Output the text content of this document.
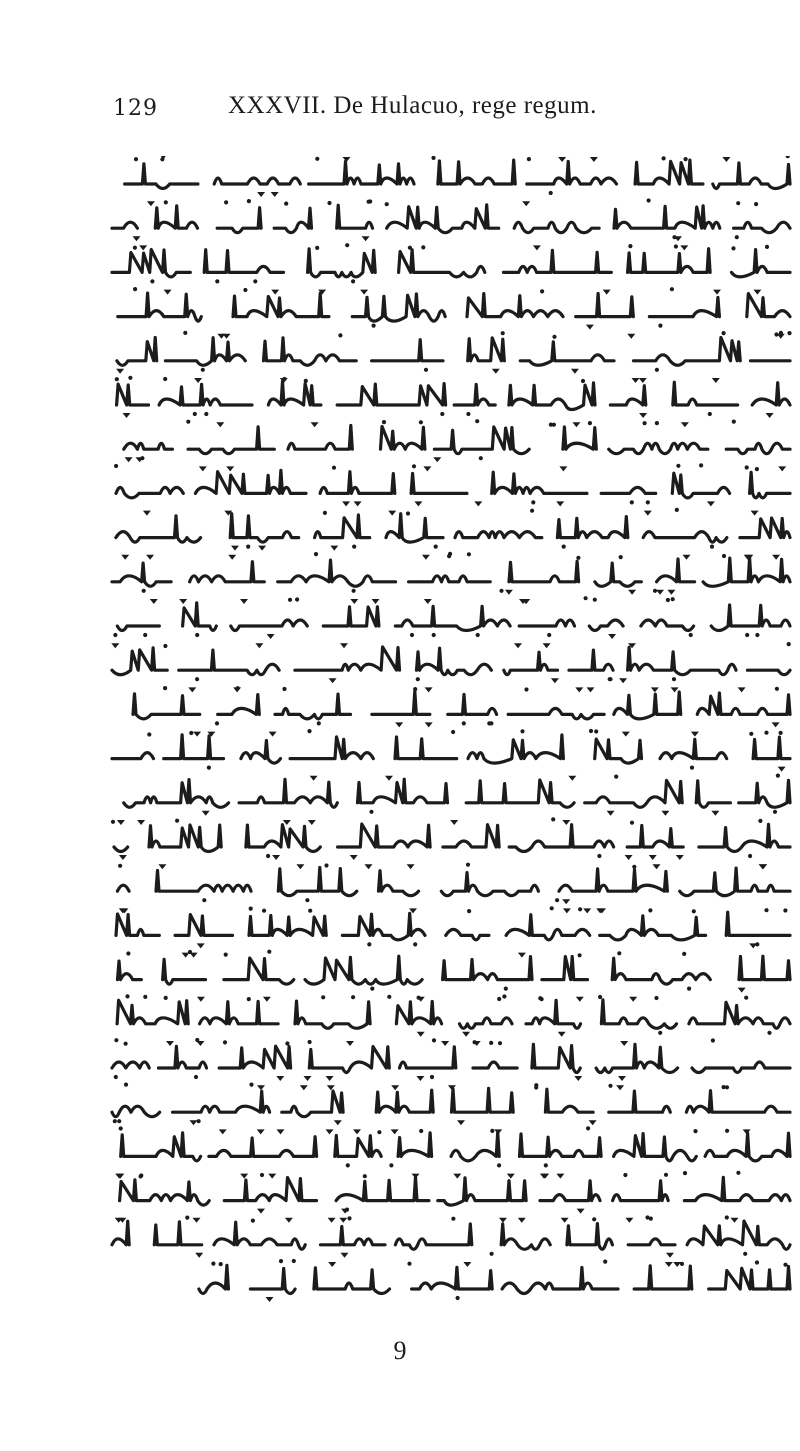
129	XXXVII. De Hulacuo, rege regum.
9
